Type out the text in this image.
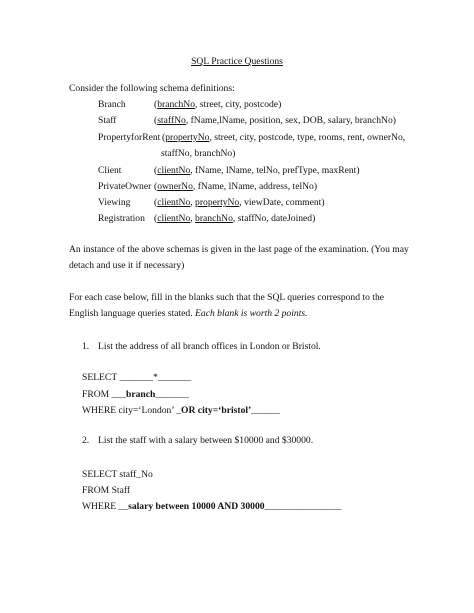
SQL Practice Questions
Consider the following schema definitions:
Branch	(branchNo, street, city, postcode)
Staff	(staffNo, fName,lName, position, sex, DOB, salary, branchNo)
PropertyforRent (propertyNo, street, city, postcode, type, rooms, rent, ownerNo,
staffNo, branchNo)
Client	(clientNo, fName, lName, telNo, prefType, maxRent)
PrivateOwner (ownerNo, fName, lName, address, telNo)
Viewing	(clientNo, propertyNo, viewDate, comment)
Registration (clientNo, branchNo, staffNo, dateJoined)
An instance of the above schemas is given in the last page of the examination. (You may
detach and use it if necessary)
For each case below, fill in the blanks such that the SQL queries correspond to the
English language queries stated. Each blank is worth 2 points.
1. List the address of all branch offices in London or Bristol.
SELECT _______*_______
FROM ___branch_______
WHERE city=‘London’ _OR city=‘bristol’______
2. List the staff with a salary between $10000 and $30000.
SELECT staff_No
FROM Staff
WHERE __salary between 10000 AND 30000________________
